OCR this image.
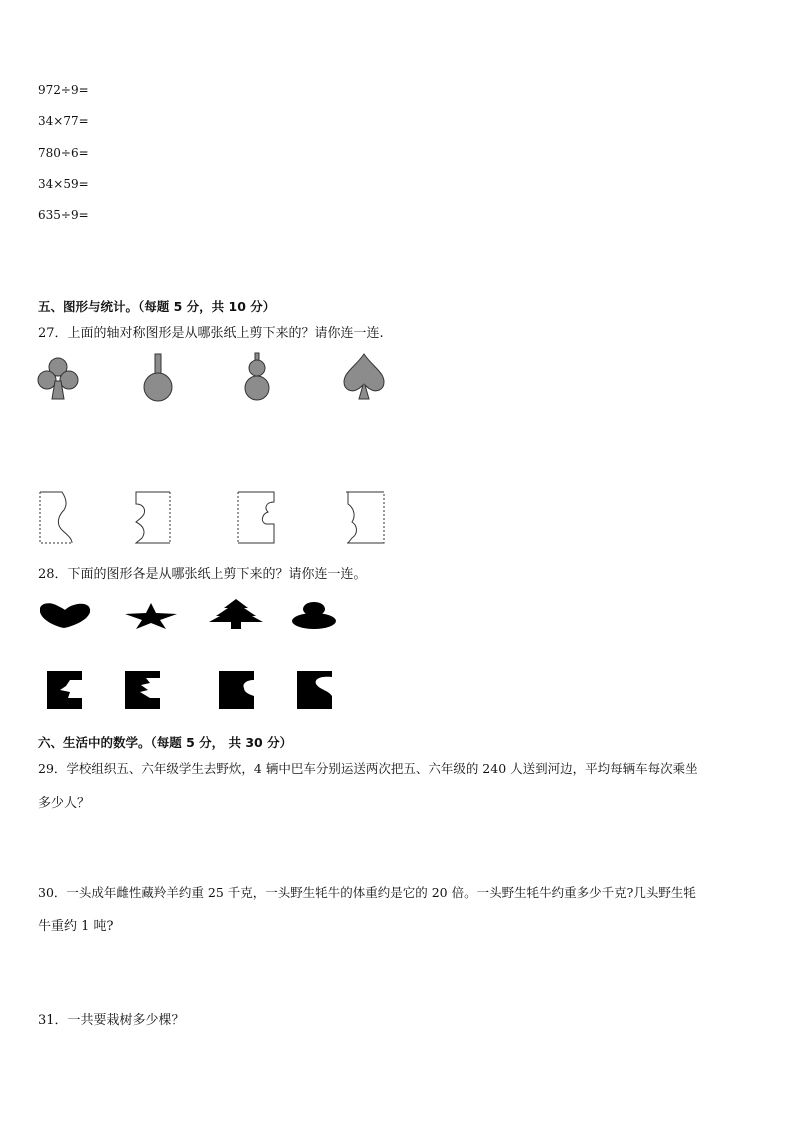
972÷9=
34×77=
780÷6=
34×59=
635÷9=
五、图形与统计。（每题 5 分，共 10 分）
27．上面的轴对称图形是从哪张纸上剪下来的？请你连一连.
28．下面的图形各是从哪张纸上剪下来的？请你连一连。
六、生活中的数学。（每题 5 分， 共 30 分）
29．学校组织五、六年级学生去野炊，4 辆中巴车分别运送两次把五、六年级的 240 人送到河边，平均每辆车每次乘坐
多少人？
30．一头成年雌性藏羚羊约重 25 千克，一头野生牦牛的体重约是它的 20 倍。一头野生牦牛约重多少千克?几头野生牦
牛重约 1 吨?
31．一共要栽树多少棵？
